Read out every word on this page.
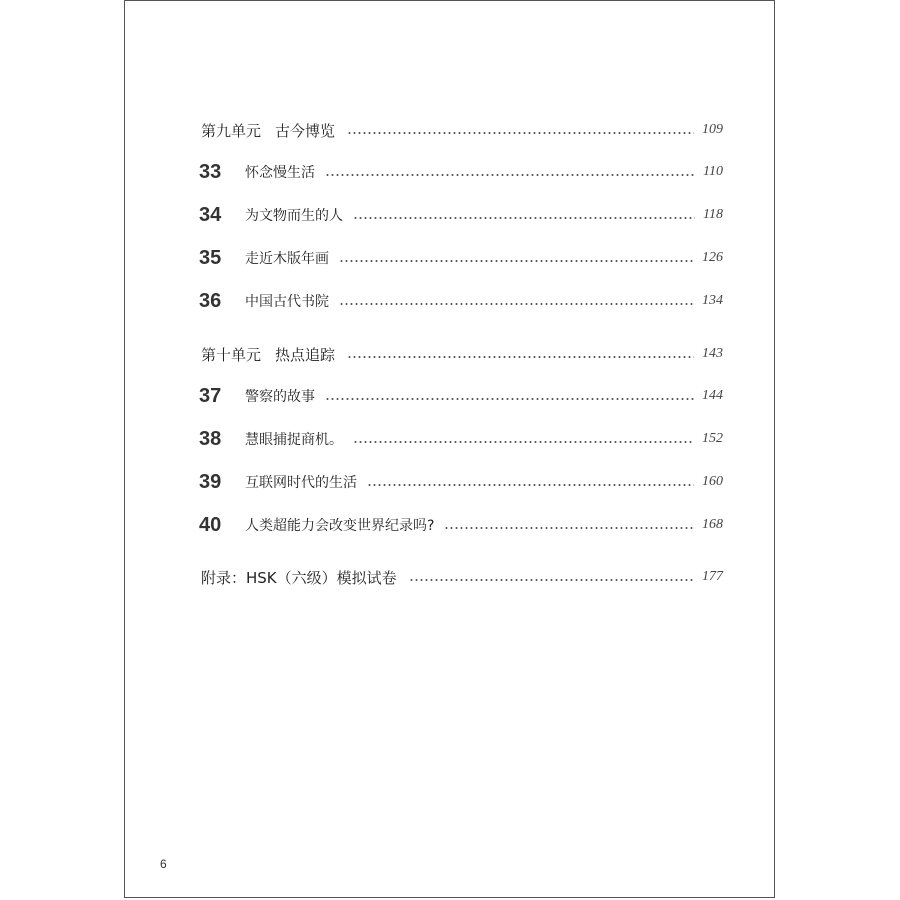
第九单元 古今博览	109
33	怀念慢生活	110
34	为文物而生的人	118
35	走近木版年画	126
36	中国古代书院	134
第十单元 热点追踪	143
37	警察的故事	144
38	慧眼捕捉商机。	152
39	互联网时代的生活	160
40	人类超能力会改变世界纪录吗?	168
附录：HSK（六级）模拟试卷	177
6
